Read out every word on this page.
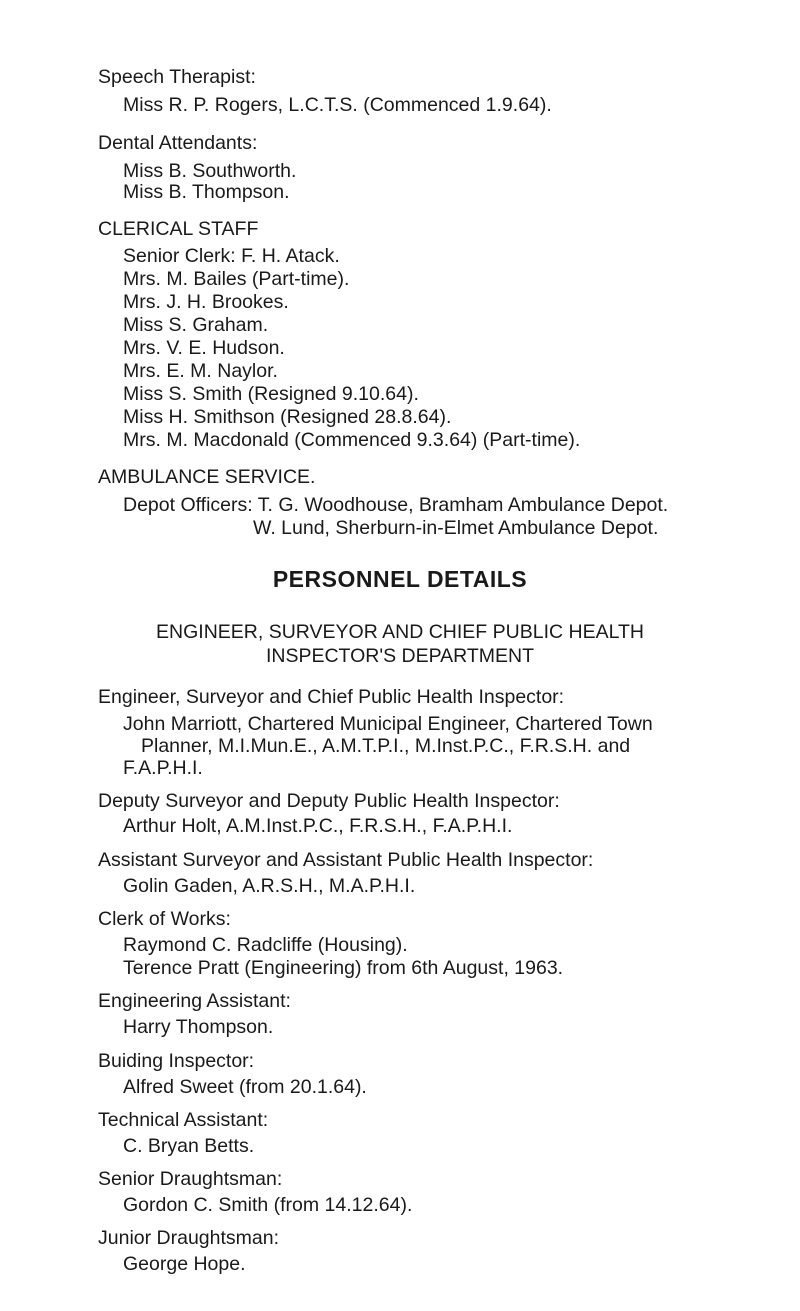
Speech Therapist:
Miss R. P. Rogers, L.C.T.S. (Commenced 1.9.64).
Dental Attendants:
Miss B. Southworth.
Miss B. Thompson.
CLERICAL STAFF
Senior Clerk: F. H. Atack.
Mrs. M. Bailes (Part-time).
Mrs. J. H. Brookes.
Miss S. Graham.
Mrs. V. E. Hudson.
Mrs. E. M. Naylor.
Miss S. Smith (Resigned 9.10.64).
Miss H. Smithson (Resigned 28.8.64).
Mrs. M. Macdonald (Commenced 9.3.64) (Part-time).
AMBULANCE SERVICE.
Depot Officers: T. G. Woodhouse, Bramham Ambulance Depot.
W. Lund, Sherburn-in-Elmet Ambulance Depot.
PERSONNEL DETAILS
ENGINEER, SURVEYOR AND CHIEF PUBLIC HEALTH
INSPECTOR'S DEPARTMENT
Engineer, Surveyor and Chief Public Health Inspector:
John Marriott, Chartered Municipal Engineer, Chartered Town
Planner, M.I.Mun.E., A.M.T.P.I., M.Inst.P.C., F.R.S.H. and
F.A.P.H.I.
Deputy Surveyor and Deputy Public Health Inspector:
Arthur Holt, A.M.Inst.P.C., F.R.S.H., F.A.P.H.I.
Assistant Surveyor and Assistant Public Health Inspector:
Golin Gaden, A.R.S.H., M.A.P.H.I.
Clerk of Works:
Raymond C. Radcliffe (Housing).
Terence Pratt (Engineering) from 6th August, 1963.
Engineering Assistant:
Harry Thompson.
Buiding Inspector:
Alfred Sweet (from 20.1.64).
Technical Assistant:
C. Bryan Betts.
Senior Draughtsman:
Gordon C. Smith (from 14.12.64).
Junior Draughtsman:
George Hope.
